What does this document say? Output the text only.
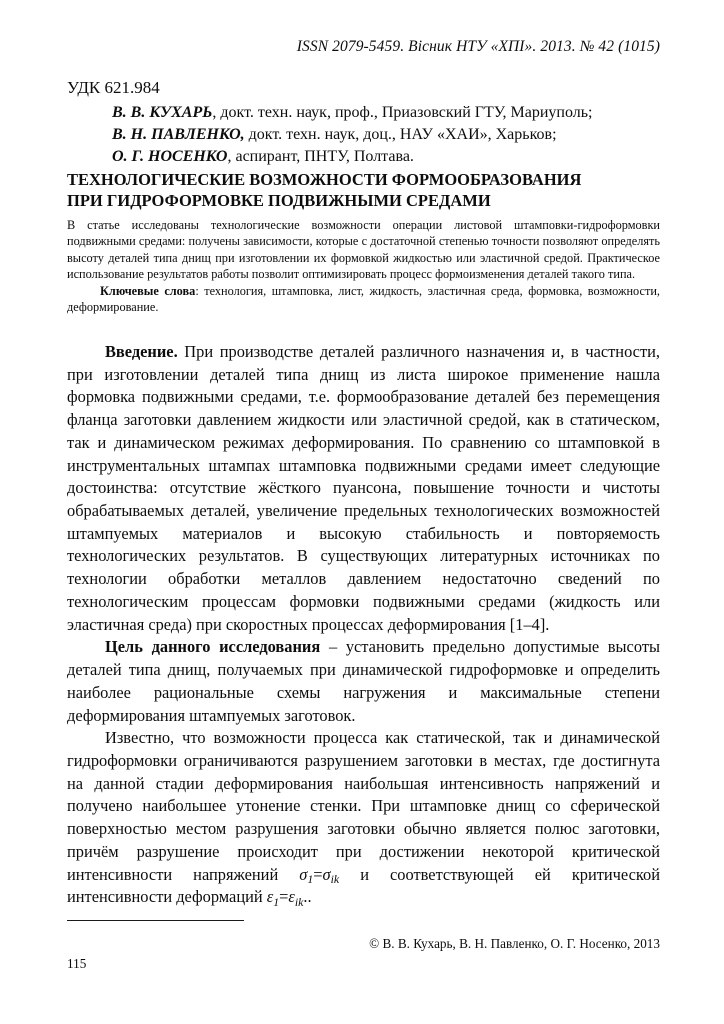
ISSN 2079-5459. Вісник НТУ «ХПІ». 2013. № 42 (1015)
УДК 621.984
В. В. КУХАРЬ, докт. техн. наук, проф., Приазовский ГТУ, Мариуполь;
В. Н. ПАВЛЕНКО, докт. техн. наук, доц., НАУ «ХАИ», Харьков;
О. Г. НОСЕНКО, аспирант, ПНТУ, Полтава.
ТЕХНОЛОГИЧЕСКИЕ ВОЗМОЖНОСТИ ФОРМООБРАЗОВАНИЯ
ПРИ ГИДРОФОРМОВКЕ ПОДВИЖНЫМИ СРЕДАМИ

В статье исследованы технологические возможности операции листовой штамповки-гидроформовки подвижными средами: получены зависимости, которые с достаточной степенью точности позволяют определять высоту деталей типа днищ при изготовлении их формовкой жидкостью или эластичной средой. Практическое использование результатов работы позволит оптимизировать процесс формоизменения деталей такого типа.

Ключевые слова: технология, штамповка, лист, жидкость, эластичная среда, формовка, возможности, деформирование.

Введение. При производстве деталей различного назначения и, в частности, при изготовлении деталей типа днищ из листа широкое применение нашла формовка подвижными средами, т.е. формообразование деталей без перемещения фланца заготовки давлением жидкости или эластичной средой, как в статическом, так и динамическом режимах деформирования. По сравнению со штамповкой в инструментальных штампах штамповка подвижными средами имеет следующие достоинства: отсутствие жёсткого пуансона, повышение точности и чистоты обрабатываемых деталей, увеличение предельных технологических возможностей штампуемых материалов и высокую стабильность и повторяемость технологических результатов. В существующих литературных источниках по технологии обработки металлов давлением недостаточно сведений по технологическим процессам формовки подвижными средами (жидкость или эластичная среда) при скоростных процессах деформирования [1–4].

Цель данного исследования – установить предельно допустимые высоты деталей типа днищ, получаемых при динамической гидроформовке и определить наиболее рациональные схемы нагружения и максимальные степени деформирования штампуемых заготовок.

Известно, что возможности процесса как статической, так и динамической гидроформовки ограничиваются разрушением заготовки в местах, где достигнута на данной стадии деформирования наибольшая интенсивность напряжений и получено наибольшее утонение стенки. При штамповке днищ со сферической поверхностью местом разрушения заготовки обычно является полюс заготовки, причём разрушение происходит при достижении некоторой критической интенсивности напряжений $\sigma_1=\sigma_{ik}$ и соответствующей ей критической интенсивности деформаций $\varepsilon_1=\varepsilon_{ik}$..

© В. В. Кухарь, В. Н. Павленко, О. Г. Носенко, 2013
115
